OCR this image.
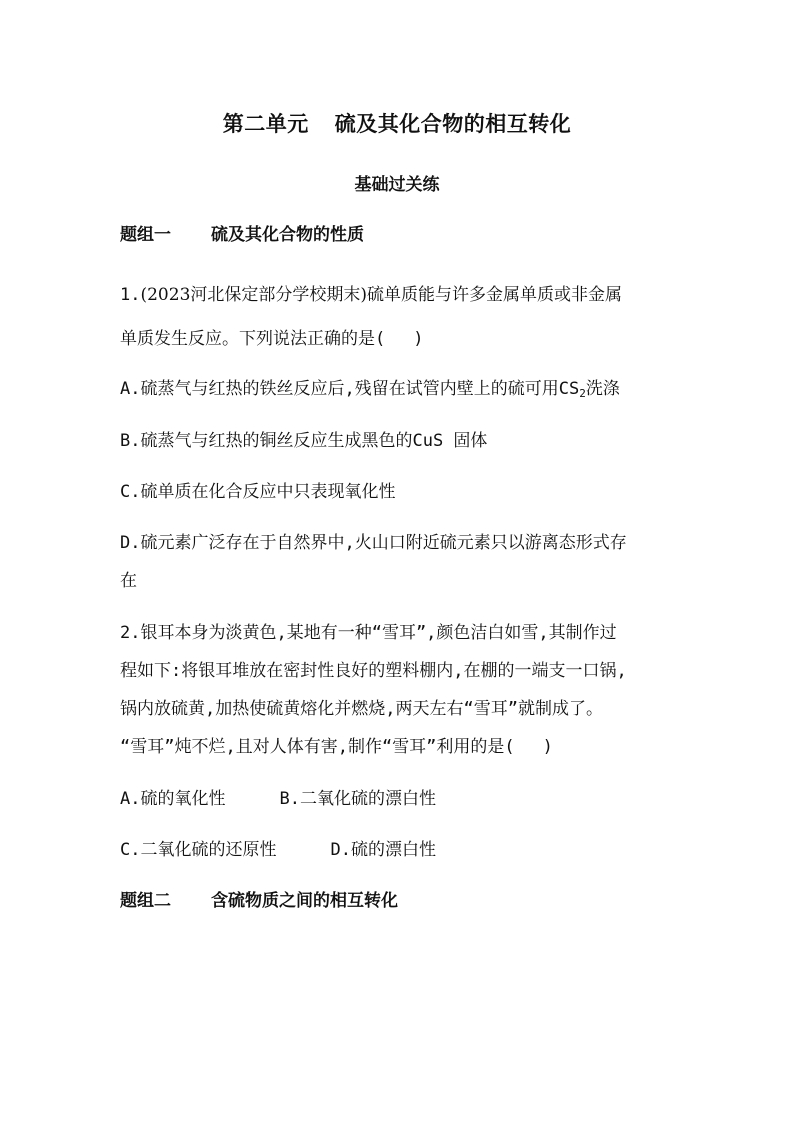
第二单元 硫及其化合物的相互转化
基础过关练
题组一 硫及其化合物的性质
1.(2023河北保定部分学校期末)硫单质能与许多金属单质或非金属
单质发生反应。下列说法正确的是( )
A.硫蒸气与红热的铁丝反应后,残留在试管内壁上的硫可用$CS_2$洗涤
B.硫蒸气与红热的铜丝反应生成黑色的CuS 固体
C.硫单质在化合反应中只表现氧化性
D.硫元素广泛存在于自然界中,火山口附近硫元素只以游离态形式存
在
2.银耳本身为淡黄色,某地有一种“雪耳”,颜色洁白如雪,其制作过
程如下:将银耳堆放在密封性良好的塑料棚内,在棚的一端支一口锅,
锅内放硫黄,加热使硫黄熔化并燃烧,两天左右“雪耳”就制成了。
“雪耳”炖不烂,且对人体有害,制作“雪耳”利用的是( )
A.硫的氧化性	B.二氧化硫的漂白性
C.二氧化硫的还原性	D.硫的漂白性
题组二 含硫物质之间的相互转化
